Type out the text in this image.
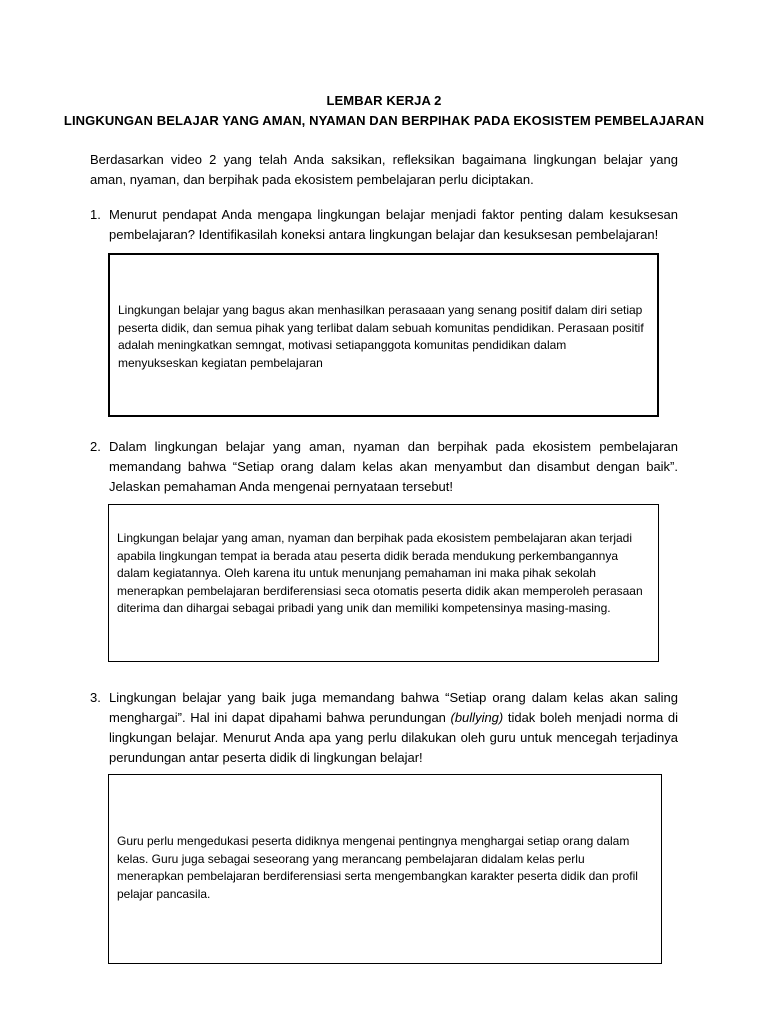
LEMBAR KERJA 2
LINGKUNGAN BELAJAR YANG AMAN, NYAMAN DAN BERPIHAK PADA EKOSISTEM PEMBELAJARAN
Berdasarkan video 2 yang telah Anda saksikan, refleksikan bagaimana lingkungan belajar yang aman, nyaman, dan berpihak pada ekosistem pembelajaran perlu diciptakan.
1. Menurut pendapat Anda mengapa lingkungan belajar menjadi faktor penting dalam kesuksesan pembelajaran? Identifikasilah koneksi antara lingkungan belajar dan kesuksesan pembelajaran!
Lingkungan belajar yang bagus akan menhasilkan perasaaan yang senang positif dalam diri setiap peserta didik, dan semua pihak yang terlibat dalam sebuah komunitas pendidikan. Perasaan positif adalah meningkatkan semngat, motivasi setiapanggota komunitas pendidikan dalam menyukseskan kegiatan pembelajaran
2. Dalam lingkungan belajar yang aman, nyaman dan berpihak pada ekosistem pembelajaran memandang bahwa “Setiap orang dalam kelas akan menyambut dan disambut dengan baik”. Jelaskan pemahaman Anda mengenai pernyataan tersebut!
Lingkungan belajar yang aman, nyaman dan berpihak pada ekosistem pembelajaran akan terjadi apabila lingkungan tempat ia berada atau peserta didik berada mendukung perkembangannya dalam kegiatannya. Oleh karena itu untuk menunjang pemahaman ini maka pihak sekolah menerapkan pembelajaran berdiferensiasi seca otomatis peserta didik akan memperoleh perasaan diterima dan dihargai sebagai pribadi yang unik dan memiliki kompetensinya masing-masing.
3. Lingkungan belajar yang baik juga memandang bahwa “Setiap orang dalam kelas akan saling menghargai”. Hal ini dapat dipahami bahwa perundungan (bullying) tidak boleh menjadi norma di lingkungan belajar. Menurut Anda apa yang perlu dilakukan oleh guru untuk mencegah terjadinya perundungan antar peserta didik di lingkungan belajar!
Guru perlu mengedukasi peserta didiknya mengenai pentingnya menghargai setiap orang dalam kelas. Guru juga sebagai seseorang yang merancang pembelajaran didalam kelas perlu menerapkan pembelajaran berdiferensiasi serta mengembangkan karakter peserta didik dan profil pelajar pancasila.
